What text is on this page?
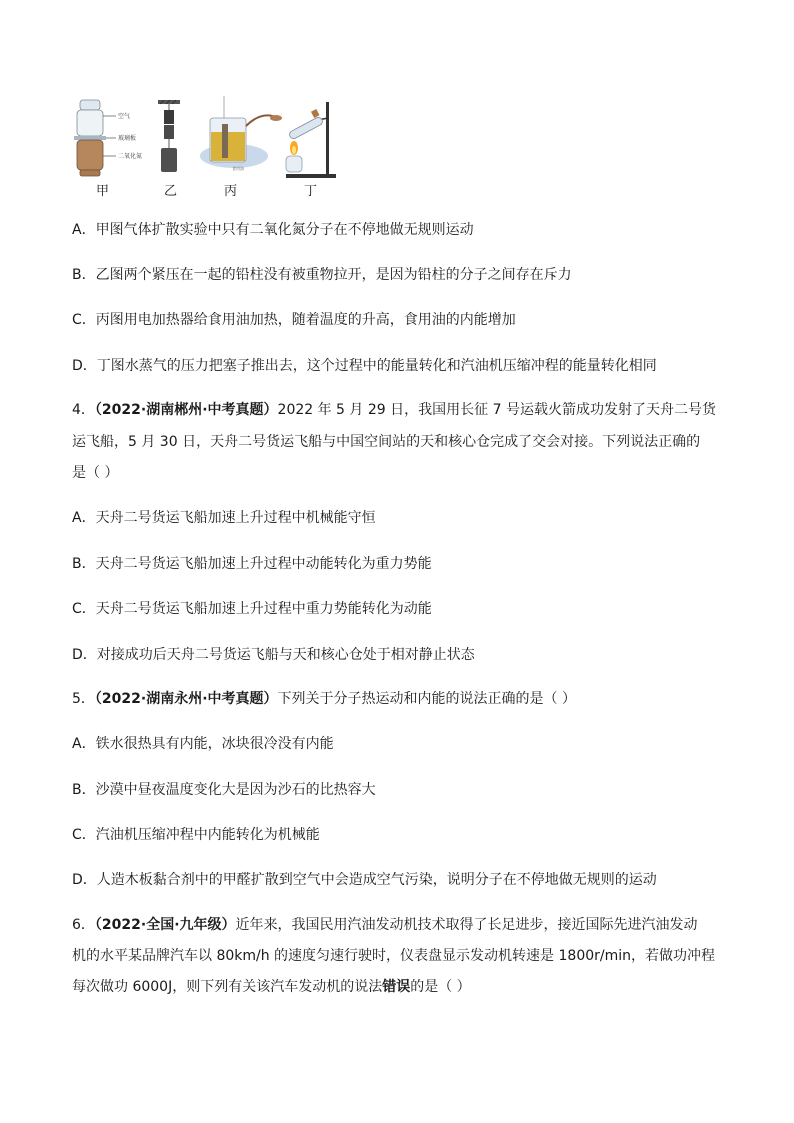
空气
玻璃板
二氧化氮
食用油
甲	乙	丙	丁
A．甲图气体扩散实验中只有二氧化氮分子在不停地做无规则运动
B．乙图两个紧压在一起的铅柱没有被重物拉开，是因为铅柱的分子之间存在斥力
C．丙图用电加热器给食用油加热，随着温度的升高，食用油的内能增加
D．丁图水蒸气的压力把塞子推出去，这个过程中的能量转化和汽油机压缩冲程的能量转化相同
4．（2022·湖南郴州·中考真题）2022 年 5 月 29 日，我国用长征 7 号运载火箭成功发射了天舟二号货
运飞船，5 月 30 日，天舟二号货运飞船与中国空间站的天和核心仓完成了交会对接。下列说法正确的
是（ ）
A．天舟二号货运飞船加速上升过程中机械能守恒
B．天舟二号货运飞船加速上升过程中动能转化为重力势能
C．天舟二号货运飞船加速上升过程中重力势能转化为动能
D．对接成功后天舟二号货运飞船与天和核心仓处于相对静止状态
5．（2022·湖南永州·中考真题）下列关于分子热运动和内能的说法正确的是（ ）
A．铁水很热具有内能，冰块很冷没有内能
B．沙漠中昼夜温度变化大是因为沙石的比热容大
C．汽油机压缩冲程中内能转化为机械能
D．人造木板黏合剂中的甲醛扩散到空气中会造成空气污染，说明分子在不停地做无规则的运动
6．（2022·全国·九年级）近年来，我国民用汽油发动机技术取得了长足进步，接近国际先进汽油发动
机的水平某品牌汽车以 80km/h 的速度匀速行驶时，仪表盘显示发动机转速是 1800r/min，若做功冲程
每次做功 6000J，则下列有关该汽车发动机的说法错误的是（ ）
